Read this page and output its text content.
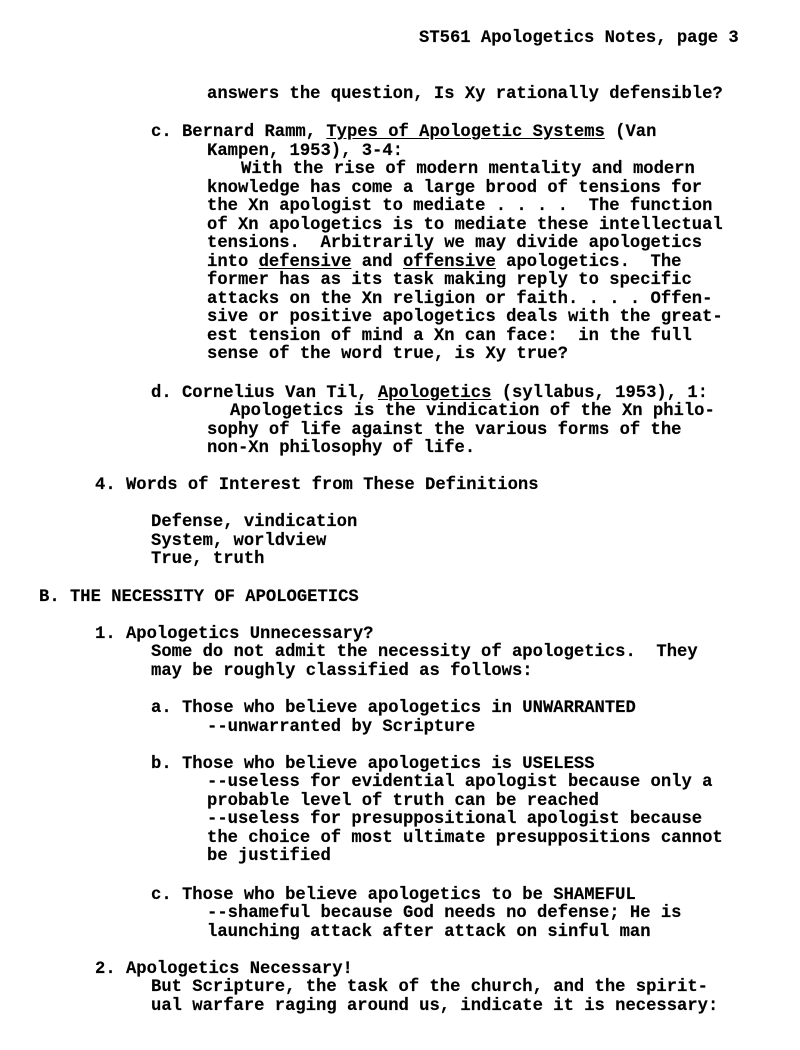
ST561 Apologetics Notes, page 3
answers the question, Is Xy rationally defensible?
c. Bernard Ramm, Types of Apologetic Systems (Van
Kampen, 1953), 3-4:
With the rise of modern mentality and modern
knowledge has come a large brood of tensions for
the Xn apologist to mediate . . . .  The function
of Xn apologetics is to mediate these intellectual
tensions.  Arbitrarily we may divide apologetics
into defensive and offensive apologetics.  The
former has as its task making reply to specific
attacks on the Xn religion or faith. . . . Offen-
sive or positive apologetics deals with the great-
est tension of mind a Xn can face:  in the full
sense of the word true, is Xy true?
d. Cornelius Van Til, Apologetics (syllabus, 1953), 1:
Apologetics is the vindication of the Xn philo-
sophy of life against the various forms of the
non-Xn philosophy of life.
4. Words of Interest from These Definitions
Defense, vindication
System, worldview
True, truth
B. THE NECESSITY OF APOLOGETICS
1. Apologetics Unnecessary?
Some do not admit the necessity of apologetics.  They
may be roughly classified as follows:
a. Those who believe apologetics in UNWARRANTED
--unwarranted by Scripture
b. Those who believe apologetics is USELESS
--useless for evidential apologist because only a
probable level of truth can be reached
--useless for presuppositional apologist because
the choice of most ultimate presuppositions cannot
be justified
c. Those who believe apologetics to be SHAMEFUL
--shameful because God needs no defense; He is
launching attack after attack on sinful man
2. Apologetics Necessary!
But Scripture, the task of the church, and the spirit-
ual warfare raging around us, indicate it is necessary:
